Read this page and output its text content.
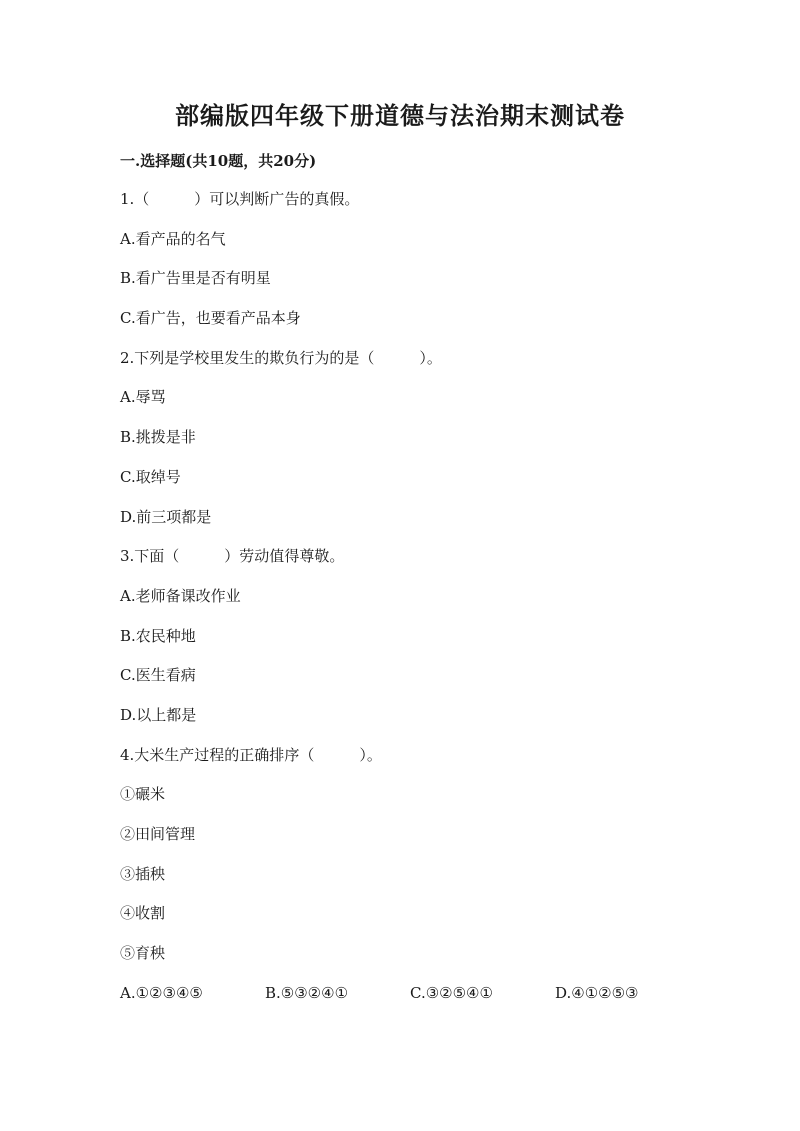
部编版四年级下册道德与法治期末测试卷
一.选择题(共10题，共20分)
1.（　　　）可以判断广告的真假。
A.看产品的名气
B.看广告里是否有明星
C.看广告，也要看产品本身
2.下列是学校里发生的欺负行为的是（　　　）。
A.辱骂
B.挑拨是非
C.取绰号
D.前三项都是
3.下面（　　　）劳动值得尊敬。
A.老师备课改作业
B.农民种地
C.医生看病
D.以上都是
4.大米生产过程的正确排序（　　　）。
①碾米
②田间管理
③插秧
④收割
⑤育秧
A.①②③④⑤	B.⑤③②④①	C.③②⑤④①	D.④①②⑤③
